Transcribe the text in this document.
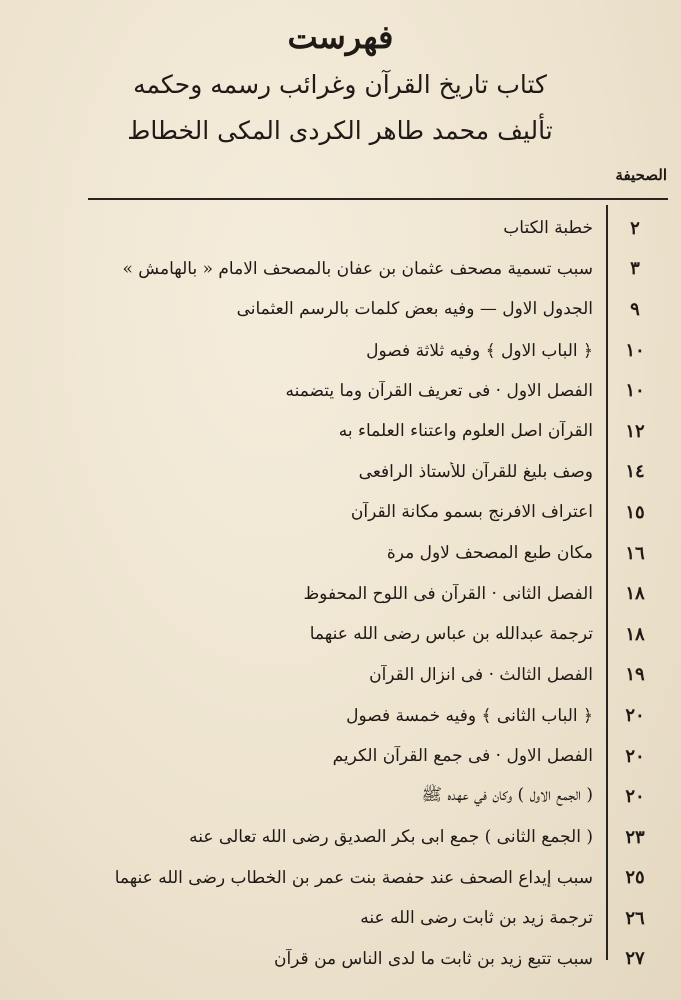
فهرست
كتاب تاريخ القرآن وغرائب رسمه وحكمه
تأليف محمد طاهر الكردى المكى الخطاط
الصحيفة
٢
خطبة الكتاب
٣
سبب تسمية مصحف عثمان بن عفان بالمصحف الامام « بالهامش »
٩
الجدول الاول — وفيه بعض كلمات بالرسم العثمانى
١٠
﴿ الباب الاول ﴾ وفيه ثلاثة فصول
١٠
الفصل الاول · فى تعريف القرآن وما يتضمنه
١٢
القرآن اصل العلوم واعتناء العلماء به
١٤
وصف بليغ للقرآن للأستاذ الرافعى
١٥
اعتراف الافرنج بسمو مكانة القرآن
١٦
مكان طبع المصحف لاول مرة
١٨
الفصل الثانى · القرآن فى اللوح المحفوظ
١٨
ترجمة عبدالله بن عباس رضى الله عنهما
١٩
الفصل الثالث · فى انزال القرآن
٢٠
﴿ الباب الثانى ﴾ وفيه خمسة فصول
٢٠
الفصل الاول · فى جمع القرآن الكريم
٢٠
( الجمع الاول ) وكان في عهده ﷺ
٢٣
( الجمع الثانى ) جمع ابى بكر الصديق رضى الله تعالى عنه
٢٥
سبب إيداع الصحف عند حفصة بنت عمر بن الخطاب رضى الله عنهما
٢٦
ترجمة زيد بن ثابت رضى الله عنه
٢٧
سبب تتبع زيد بن ثابت ما لدى الناس من قرآن
